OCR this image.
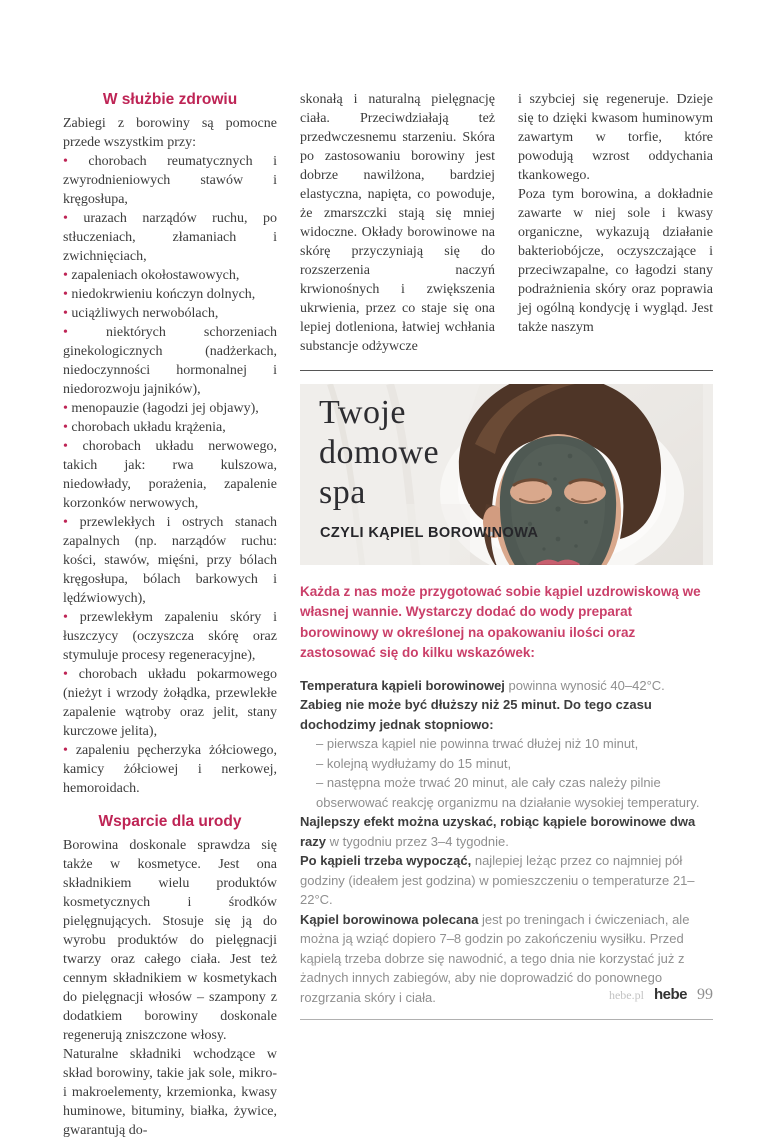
W służbie zdrowiu

Zabiegi z borowiny są pomocne przede wszystkim przy:

• chorobach reumatycznych i zwyrodnieniowych stawów i kręgosłupa,

• urazach narządów ruchu, po stłuczeniach, złamaniach i zwichnięciach,

• zapaleniach okołostawowych,

• niedokrwieniu kończyn dolnych,

• uciążliwych nerwobólach,

• niektórych schorzeniach ginekologicznych (nadżerkach, niedoczynności hormonalnej i niedorozwoju jajników),

• menopauzie (łagodzi jej objawy),

• chorobach układu krążenia,

• chorobach układu nerwowego, takich jak: rwa kulszowa, niedowłady, porażenia, zapalenie korzonków nerwowych,

• przewlekłych i ostrych stanach zapalnych (np. narządów ruchu: kości, stawów, mięśni, przy bólach kręgosłupa, bólach barkowych i lędźwiowych),

• przewlekłym zapaleniu skóry i łuszczycy (oczyszcza skórę oraz stymuluje procesy regeneracyjne),

• chorobach układu pokarmowego (nieżyt i wrzody żołądka, przewlekłe zapalenie wątroby oraz jelit, stany kurczowe jelita),

• zapaleniu pęcherzyka żółciowego, kamicy żółciowej i nerkowej, hemoroidach.

Wsparcie dla urody

Borowina doskonale sprawdza się także w kosmetyce. Jest ona składnikiem wielu produktów kosmetycznych i środków pielęgnujących. Stosuje się ją do wyrobu produktów do pielęgnacji twarzy oraz całego ciała. Jest też cennym składnikiem w kosmetykach do pielęgnacji włosów – szampony z dodatkiem borowiny doskonale regenerują zniszczone włosy.

Naturalne składniki wchodzące w skład borowiny, takie jak sole, mikro- i makroelementy, krzemionka, kwasy huminowe, bituminy, białka, żywice, gwarantują do-

skonałą i naturalną pielęgnację ciała. Przeciwdziałają też przedwczesnemu starzeniu. Skóra po zastosowaniu borowiny jest dobrze nawilżona, bardziej elastyczna, napięta, co powoduje, że zmarszczki stają się mniej widoczne. Okłady borowinowe na skórę przyczyniają się do rozszerzenia naczyń krwionośnych i zwiększenia ukrwienia, przez co staje się ona lepiej dotleniona, łatwiej wchłania substancje odżywcze

i szybciej się regeneruje. Dzieje się to dzięki kwasom huminowym zawartym w torfie, które powodują wzrost oddychania tkankowego.

Poza tym borowina, a dokładnie zawarte w niej sole i kwasy organiczne, wykazują działanie bakteriobójcze, oczyszczające i przeciwzapalne, co łagodzi stany podrażnienia skóry oraz poprawia jej ogólną kondycję i wygląd. Jest także naszym

Twoje
domowe
spa
CZYLI KĄPIEL BOROWINOWA

Każda z nas może przygotować sobie kąpiel uzdrowiskową we własnej wannie. Wystarczy dodać do wody preparat borowinowy w określonej na opakowaniu ilości oraz zastosować się do kilku wskazówek:

Temperatura kąpieli borowinowej powinna wynosić 40–42°C.

Zabieg nie może być dłuższy niż 25 minut. Do tego czasu dochodzimy jednak stopniowo:

– pierwsza kąpiel nie powinna trwać dłużej niż 10 minut,

– kolejną wydłużamy do 15 minut,

– następna może trwać 20 minut, ale cały czas należy pilnie obserwować reakcję organizmu na działanie wysokiej temperatury.

Najlepszy efekt można uzyskać, robiąc kąpiele borowinowe dwa razy w tygodniu przez 3–4 tygodnie.

Po kąpieli trzeba wypocząć, najlepiej leżąc przez co najmniej pół godziny (ideałem jest godzina) w pomieszczeniu o temperaturze 21–22°C.

Kąpiel borowinowa polecana jest po treningach i ćwiczeniach, ale można ją wziąć dopiero 7–8 godzin po zakończeniu wysiłku. Przed kąpielą trzeba dobrze się nawodnić, a tego dnia nie korzystać już z żadnych innych zabiegów, aby nie doprowadzić do ponownego rozgrzania skóry i ciała.	hebe.pl hebe 99
